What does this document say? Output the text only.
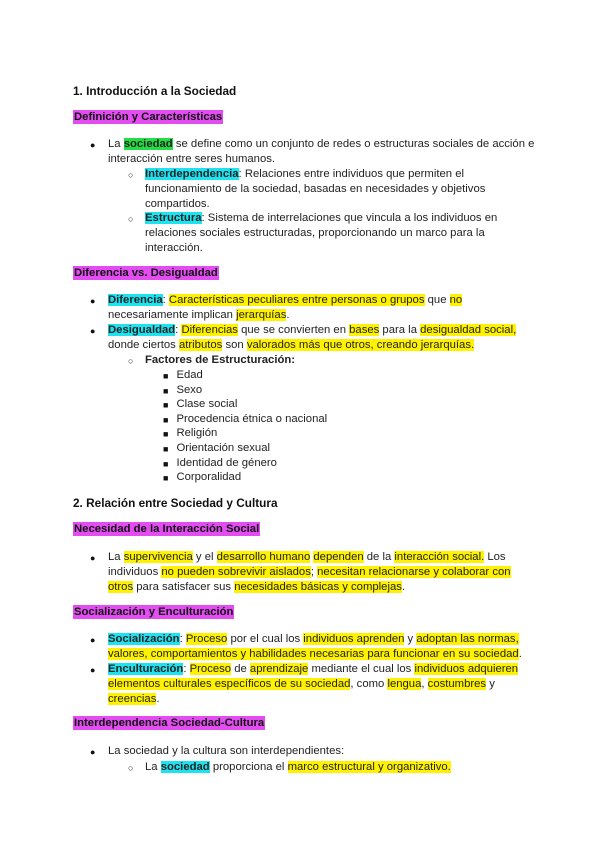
1. Introducción a la Sociedad
Definición y Características
● La sociedad se define como un conjunto de redes o estructuras sociales de acción e
interacción entre seres humanos.
○ Interdependencia: Relaciones entre individuos que permiten el
funcionamiento de la sociedad, basadas en necesidades y objetivos
compartidos.
○ Estructura: Sistema de interrelaciones que vincula a los individuos en
relaciones sociales estructuradas, proporcionando un marco para la
interacción.
Diferencia vs. Desigualdad
● Diferencia: Características peculiares entre personas o grupos que no
necesariamente implican jerarquías.
● Desigualdad: Diferencias que se convierten en bases para la desigualdad social,
donde ciertos atributos son valorados más que otros, creando jerarquías.
○ Factores de Estructuración:
■ Edad
■ Sexo
■ Clase social
■ Procedencia étnica o nacional
■ Religión
■ Orientación sexual
■ Identidad de género
■ Corporalidad
2. Relación entre Sociedad y Cultura
Necesidad de la Interacción Social
● La supervivencia y el desarrollo humano dependen de la interacción social. Los
individuos no pueden sobrevivir aislados; necesitan relacionarse y colaborar con
otros para satisfacer sus necesidades básicas y complejas.
Socialización y Enculturación
● Socialización: Proceso por el cual los individuos aprenden y adoptan las normas,
valores, comportamientos y habilidades necesarias para funcionar en su sociedad.
● Enculturación: Proceso de aprendizaje mediante el cual los individuos adquieren
elementos culturales específicos de su sociedad, como lengua, costumbres y
creencias.
Interdependencia Sociedad-Cultura
● La sociedad y la cultura son interdependientes:
○ La sociedad proporciona el marco estructural y organizativo.
